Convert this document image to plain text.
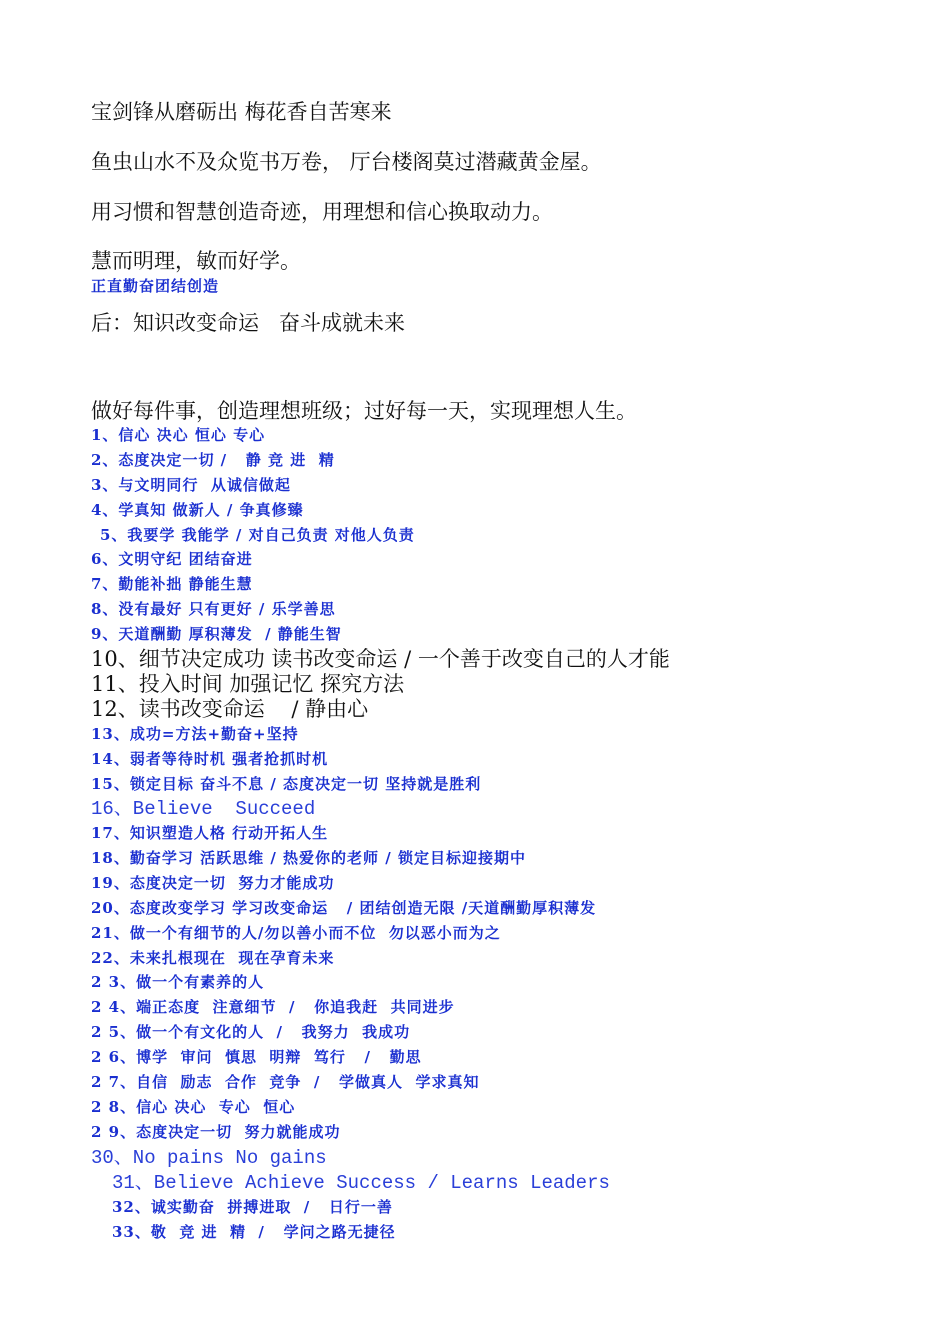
宝剑锋从磨砺出 梅花香自苦寒来
鱼虫山水不及众览书万卷， 厅台楼阁莫过潜藏黄金屋。
用习惯和智慧创造奇迹，用理想和信心换取动力。
慧而明理，敏而好学。
正直勤奋团结创造
后：知识改变命运   奋斗成就未来
做好每件事，创造理想班级；过好每一天，实现理想人生。
1、信心 决心 恒心 专心
2、态度决定一切 /   静 竞 进  精
3、与文明同行  从诚信做起
4、学真知 做新人 / 争真修臻
5、我要学 我能学 / 对自己负责 对他人负责
6、文明守纪 团结奋进
7、勤能补拙 静能生慧
8、没有最好 只有更好 / 乐学善思
9、天道酬勤 厚积薄发  / 静能生智
10、细节决定成功 读书改变命运 / 一个善于改变自己的人才能
11、投入时间 加强记忆 探究方法
12、读书改变命运    / 静由心
13、成功=方法+勤奋+坚持
14、弱者等待时机 强者抢抓时机
15、锁定目标 奋斗不息 / 态度决定一切 坚持就是胜利
16、Believe  Succeed
17、知识塑造人格 行动开拓人生
18、勤奋学习 活跃思维 / 热爱你的老师 / 锁定目标迎接期中
19、态度决定一切  努力才能成功
20、态度改变学习 学习改变命运   / 团结创造无限 /天道酬勤厚积薄发
21、做一个有细节的人/勿以善小而不位  勿以恶小而为之
22、未来扎根现在  现在孕育未来
2 3、做一个有素养的人
2 4、端正态度  注意细节  /   你追我赶  共同进步
2 5、做一个有文化的人  /   我努力  我成功
2 6、博学  审问  慎思  明辩  笃行   /   勤思
2 7、自信  励志  合作  竞争  /   学做真人  学求真知
2 8、信心 决心  专心  恒心
2 9、态度决定一切  努力就能成功
30、No pains No gains
31、Believe Achieve Success / Learns Leaders
32、诚实勤奋  拼搏进取  /   日行一善
33、敬  竞 进  精  /   学问之路无捷径
